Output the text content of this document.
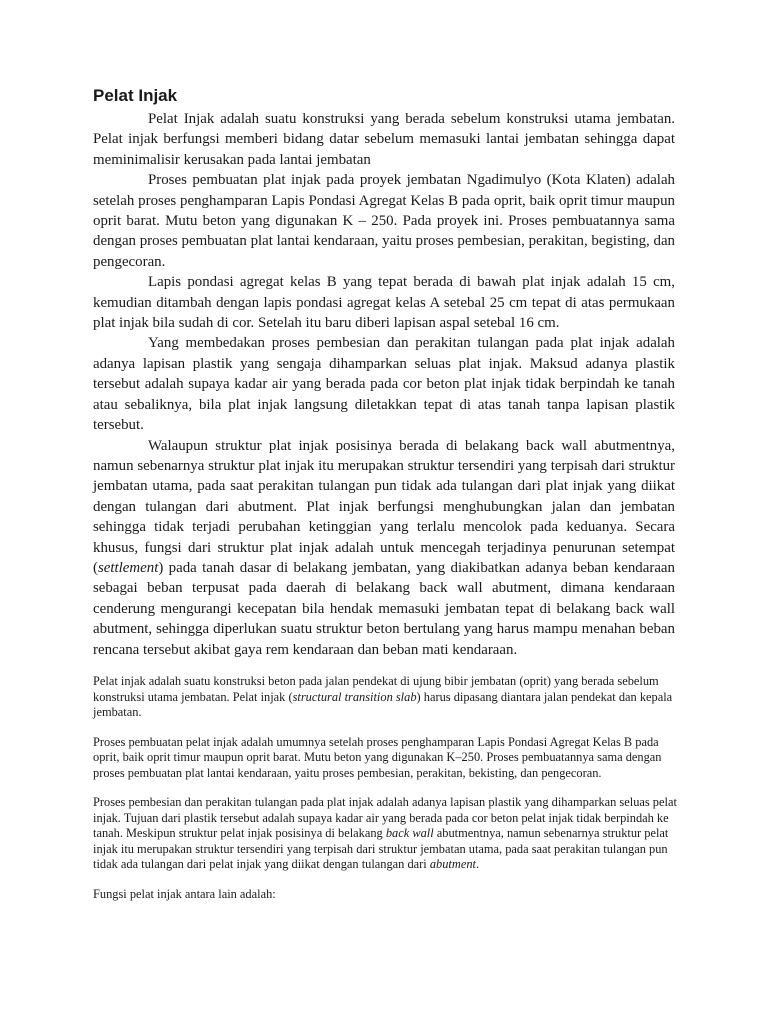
Pelat Injak

Pelat Injak adalah suatu konstruksi yang berada sebelum konstruksi utama jembatan. Pelat injak berfungsi memberi bidang datar sebelum memasuki lantai jembatan sehingga dapat meminimalisir kerusakan pada lantai jembatan

Proses pembuatan plat injak pada proyek jembatan Ngadimulyo (Kota Klaten) adalah setelah proses penghamparan Lapis Pondasi Agregat Kelas B pada oprit, baik oprit timur maupun oprit barat. Mutu beton yang digunakan K – 250. Pada proyek ini. Proses pembuatannya sama dengan proses pembuatan plat lantai kendaraan, yaitu proses pembesian, perakitan, begisting, dan pengecoran.

Lapis pondasi agregat kelas B yang tepat berada di bawah plat injak adalah 15 cm, kemudian ditambah dengan lapis pondasi agregat kelas A setebal 25 cm tepat di atas permukaan plat injak bila sudah di cor. Setelah itu baru diberi lapisan aspal setebal 16 cm.

Yang membedakan proses pembesian dan perakitan tulangan pada plat injak adalah adanya lapisan plastik yang sengaja dihamparkan seluas plat injak. Maksud adanya plastik tersebut adalah supaya kadar air yang berada pada cor beton plat injak tidak berpindah ke tanah atau sebaliknya, bila plat injak langsung diletakkan tepat di atas tanah tanpa lapisan plastik tersebut.

Walaupun struktur plat injak posisinya berada di belakang back wall abutmentnya, namun sebenarnya struktur plat injak itu merupakan struktur tersendiri yang terpisah dari struktur jembatan utama, pada saat perakitan tulangan pun tidak ada tulangan dari plat injak yang diikat dengan tulangan dari abutment. Plat injak berfungsi menghubungkan jalan dan jembatan sehingga tidak terjadi perubahan ketinggian yang terlalu mencolok pada keduanya. Secara khusus, fungsi dari struktur plat injak adalah untuk mencegah terjadinya penurunan setempat (settlement) pada tanah dasar di belakang jembatan, yang diakibatkan adanya beban kendaraan sebagai beban terpusat pada daerah di belakang back wall abutment, dimana kendaraan cenderung mengurangi kecepatan bila hendak memasuki jembatan tepat di belakang back wall abutment, sehingga diperlukan suatu struktur beton bertulang yang harus mampu menahan beban rencana tersebut akibat gaya rem kendaraan dan beban mati kendaraan.

Pelat injak adalah suatu konstruksi beton pada jalan pendekat di ujung bibir jembatan (oprit) yang berada sebelum konstruksi utama jembatan. Pelat injak (structural transition slab) harus dipasang diantara jalan pendekat dan kepala jembatan.

Proses pembuatan pelat injak adalah umumnya setelah proses penghamparan Lapis Pondasi Agregat Kelas B pada oprit, baik oprit timur maupun oprit barat. Mutu beton yang digunakan K–250. Proses pembuatannya sama dengan proses pembuatan plat lantai kendaraan, yaitu proses pembesian, perakitan, bekisting, dan pengecoran.

Proses pembesian dan perakitan tulangan pada plat injak adalah adanya lapisan plastik yang dihamparkan seluas pelat injak. Tujuan dari plastik tersebut adalah supaya kadar air yang berada pada cor beton pelat injak tidak berpindah ke tanah. Meskipun struktur pelat injak posisinya di belakang back wall abutmentnya, namun sebenarnya struktur pelat injak itu merupakan struktur tersendiri yang terpisah dari struktur jembatan utama, pada saat perakitan tulangan pun tidak ada tulangan dari pelat injak yang diikat dengan tulangan dari abutment.

Fungsi pelat injak antara lain adalah:
